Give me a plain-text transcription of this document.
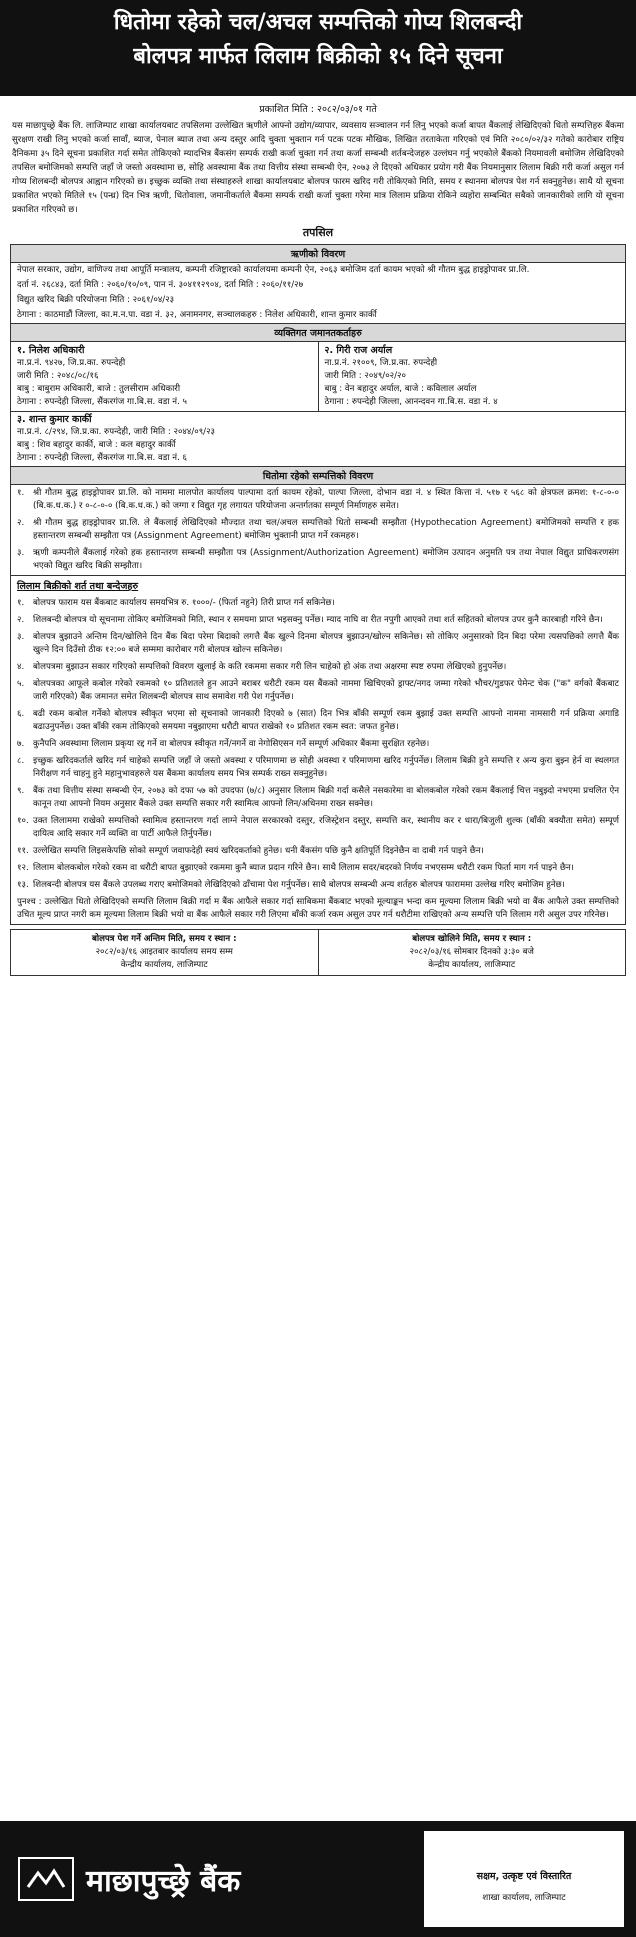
धितोमा रहेको चल/अचल सम्पत्तिको गोप्य शिलबन्दी
बोलपत्र मार्फत लिलाम बिक्रीको १५ दिने सूचना
प्रकाशित मिति : २०८२/०३/०१ गते

यस माछापुच्छ्रे बैंक लि. लाजिम्पाट शाखा कार्यालयबाट तपसिलमा उल्लेखित ऋणीले आफ्नो उद्योग/व्यापार, व्यवसाय सञ्चालन गर्न लिनु भएको कर्जा बापत बैंकलाई लेखिदिएको धितो सम्पत्तिहरु बैंकमा सुरक्षण राखी लिनु भएको कर्जा सावाँ, ब्याज, पेनाल ब्याज तथा अन्य दस्तुर आदि चुक्ता भुक्तान गर्न पटक पटक मौखिक, लिखित तरताकेता गरिएको एवं मिति २०८०/०२/३२ गतेको कारोबार राष्ट्रिय दैनिकमा ३५ दिने सूचना प्रकाशित गर्दा समेत तोकिएको म्यादभित्र बैंकसंग सम्पर्क राखी कर्जा चुक्ता गर्न तथा कर्जा सम्बन्धी शर्तबन्देजहरु उल्लंघन गर्नु भएकोले बैंकको नियमावली बमोजिम लेखिदिएको तपसिल बमोजिमको सम्पत्ति जहाँ जे जस्तो अवस्थामा छ, सोहि अवस्थामा बैंक तथा वित्तीय संस्था सम्बन्धी ऐन, २०७३ ले दिएको अधिकार प्रयोग गरी बैंक नियमानुसार लिलाम बिक्री गरी कर्जा असुल गर्न गोप्य शिलबन्दी बोलपत्र आह्वान गरिएको छ। इच्छुक व्यक्ति तथा संस्थाहरुले शाखा कार्यालयबाट बोलपत्र फारम खरिद गरी तोकिएको मिति, समय र स्थानमा बोलपत्र पेश गर्न सक्नुहुनेछ। साथै यो सूचना प्रकाशित भएको मितिले १५ (पन्ध्र) दिन भित्र ऋणी, धितोवाला, जमानीकर्ताले बैंकमा सम्पर्क राखी कर्जा चुक्ता गरेमा मात्र लिलाम प्रक्रिया रोकिने व्यहोरा सम्बन्धित सबैको जानकारीको लागि यो सूचना प्रकाशित गरिएको छ।

तपसिल
ऋणीको विवरण
नेपाल सरकार, उद्योग, वाणिज्य तथा आपूर्ति मन्त्रालय, कम्पनी रजिष्ट्रारको कार्यालयमा कम्पनी ऐन, २०६३ बमोजिम दर्ता कायम भएको श्री गौतम बुद्ध हाइड्रोपावर प्रा.लि.
दर्ता नं. २६८४३, दर्ता मिति : २०६०/१०/०९, पान नं. ३०४११२९०४, दर्ता मिति : २०६०/११/२७
विद्युत खरिद बिक्री परियोजना मिति : २०६१/०४/२३
ठेगाना : काठमाडौं जिल्ला, का.म.न.पा. वडा नं. ३२, अनामनगर, सञ्चालकहरु : निलेश अधिकारी, शान्त कुमार कार्की
व्यक्तिगत जमानतकर्ताहरु
१. निलेश अधिकारी
ना.प्र.नं. ९४२७, जि.प्र.का. रुपन्देही
जारी मिति : २०४८/०८/१६
बाबु : बाबुराम अधिकारी, बाजे : तुलसीराम अधिकारी
ठेगाना : रुपन्देही जिल्ला, सैंकरगंज गा.बि.स. वडा नं. ५
२. गिरी राज अर्याल
ना.प्र.नं. २१००९, जि.प्र.का. रुपन्देही
जारी मिति : २०४९/०२/२०
बाबु : वेन बहादुर अर्याल, बाजे : कविलाल अर्याल
ठेगाना : रुपन्देही जिल्ला, आनन्दवन गा.बि.स. वडा नं. ४
३. शान्त कुमार कार्की
ना.प्र.नं. ८/२९४, जि.प्र.का. रुपन्देही, जारी मिति : २०४४/०९/२३
बाबु : शिव बहादुर कार्की, बाजे : कल बहादुर कार्की
ठेगाना : रुपन्देही जिल्ला, सैंकरगंज गा.बि.स. वडा नं. ६
धितोमा रहेको सम्पत्तिको विवरण
१.	श्री गौतम बुद्ध हाइड्रोपावर प्रा.लि. को नाममा मालपोत कार्यालय पाल्पामा दर्ता कायम रहेको, पाल्पा जिल्ला, दोभान वडा नं. ४ स्थित कित्ता नं. ५१७ र ५६८ को क्षेत्रफल क्रमश: १-८-०-० (बि.क.ध.क.) र ०-८-०-० (बि.क.ध.क.) को जग्गा र विद्युत गृह लगायत परियोजना अन्तर्गतका सम्पूर्ण निर्माणहरु समेत।
२.	श्री गौतम बुद्ध हाइड्रोपावर प्रा.लि. ले बैंकलाई लेखिदिएको मौज्दात तथा चल/अचल सम्पत्तिको धितो सम्बन्धी सम्झौता (Hypothecation Agreement) बमोजिमको सम्पत्ति र हक हस्तान्तरण सम्बन्धी सम्झौता पत्र (Assignment Agreement) बमोजिम भुक्तानी प्राप्त गर्ने रकमहरु।
३.	ऋणी कम्पनीले बैंकलाई गरेको हक हस्तान्तरण सम्बन्धी सम्झौता पत्र (Assignment/Authorization Agreement) बमोजिम उत्पादन अनुमति पत्र तथा नेपाल विद्युत प्राधिकरणसंग भएको विद्युत खरिद बिक्री सम्झौता।
लिलाम बिक्रीको शर्त तथा बन्देजहरु
१.	बोलपत्र फाराम यस बैंकबाट कार्यालय समयभित्र रु. १०००/- (फिर्ता नहुने) तिरी प्राप्त गर्न सकिनेछ।
२.	शिलबन्दी बोलपत्र यो सूचनामा तोकिए बमोजिमको मिति, स्थान र समयमा प्राप्त भइसक्नु पर्नेछ। म्याद नाघि वा रीत नपुगी आएको तथा शर्त सहितको बोलपत्र उपर कुनै कारबाही गरिने छैन।
३.	बोलपत्र बुझाउने अन्तिम दिन/खोलिने दिन बैंक बिदा परेमा बिदाको लगत्तै बैंक खुल्ने दिनमा बोलपत्र बुझाउन/खोल्न सकिनेछ। सो तोकिए अनुसारको दिन बिदा परेमा त्यसपछिको लगत्तै बैंक खुल्ने दिन दिउँसो ठीक १२:०० बजे सम्ममा कारोबार गरी बोलपत्र खोल्न सकिनेछ।
४.	बोलपत्रमा बुझाउन सकार गरिएको सम्पत्तिको विवरण खुलाई के कति रकममा सकार गरी लिन चाहेको हो अंक तथा अक्षरमा स्पष्ट रुपमा लेखिएको हुनुपर्नेछ।
५.	बोलपत्रका आफूले कबोल गरेको रकमको १० प्रतिशतले हुन आउने बराबर धरौटी रकम यस बैंकको नाममा खिचिएको ड्राफ्ट/नगद जम्मा गरेको भौचर/गुडफर पेमेन्ट चेक ("क" वर्गको बैंकबाट जारी गरिएको) बैंक जमानत समेत शिलबन्दी बोलपत्र साथ समावेश गरी पेश गर्नुपर्नेछ।
६.	बढी रकम कबोल गर्नेको बोलपत्र स्वीकृत भएमा सो सूचनाको जानकारी दिएको ७ (सात) दिन भित्र बाँकी सम्पूर्ण रकम बुझाई उक्त सम्पत्ति आफ्नो नाममा नामसारी गर्न प्रक्रिया अगाडि बढाउनुपर्नेछ। उक्त बाँकी रकम तोकिएको समयमा नबुझाएमा धरौटी बापत राखेको १० प्रतिशत रकम स्वत: जफत हुनेछ।
७.	कुनैपनि अवस्थामा लिलाम प्रकृया रद्द गर्ने वा बोलपत्र स्वीकृत गर्ने/नगर्ने वा नेगोसिएसन गर्ने सम्पूर्ण अधिकार बैंकमा सुरक्षित रहनेछ।
८.	इच्छुक खरिदकर्ताले खरिद गर्न चाहेको सम्पत्ति जहाँ जे जस्तो अवस्था र परिमाणमा छ सोही अवस्था र परिमाणमा खरिद गर्नुपर्नेछ। लिलाम बिक्री हुने सम्पत्ति र अन्य कुरा बुझ्न हेर्न वा स्थलगत निरीक्षण गर्न चाहनु हुने महानुभावहरुले यस बैंकमा कार्यालय समय भित्र सम्पर्क राख्न सक्नुहुनेछ।
९.	बैंक तथा वित्तीय संस्था सम्बन्धी ऐन, २०७३ को दफा ५७ को उपदफा (७/८) अनुसार लिलाम बिक्री गर्दा कसैले नसकारेमा वा बोलकबोल गरेको रकम बैंकलाई चित्त नबुझ्दो नभएमा प्रचलित ऐन कानून तथा आफ्नो नियम अनुसार बैंकले उक्त सम्पत्ति सकार गरी स्वामित्व आफ्नो लिन/अधिनमा राख्न सक्नेछ।
१०. उक्त लिलाममा राखेको सम्पत्तिको स्वामित्व हस्तान्तरण गर्दा लाग्ने नेपाल सरकारको दस्तुर, रजिस्ट्रेशन दस्तुर, सम्पत्ति कर, स्थानीय कर र धारा/बिजुली शुल्क (बाँकी बक्यौता समेत) सम्पूर्ण दायित्व आदि सकार गर्ने व्यक्ति वा पार्टी आफैले तिर्नुपर्नेछ।
११. उल्लेखित सम्पत्ति लिइसकेपछि सोको सम्पूर्ण जवाफदेही स्वयं खरिदकर्ताको हुनेछ। धनी बैंकसंग पछि कुनै क्षतिपूर्ति दिइनेछैन वा दाबी गर्न पाइने छैन।
१२. लिलाम बोलकबोल गरेको रकम वा धरौटी बापत बुझाएको रकममा कुनै ब्याज प्रदान गरिने छैन। साथै लिलाम सदर/बदरको निर्णय नभएसम्म धरौटी रकम फिर्ता माग गर्न पाइने छैन।
१३. शिलबन्दी बोलपत्र यस बैंकले उपलब्ध गराए बमोजिमको लेखिदिएको ढाँचामा पेश गर्नुपर्नेछ। साथै बोलपत्र सम्बन्धी अन्य शर्तहरु बोलपत्र फाराममा उल्लेख गरिए बमोजिम हुनेछ।
पुनश्च : उल्लेखित धितो लेखिदिएको सम्पत्ति लिलाम बिक्री गर्दा म बैंक आफैले सकार गर्दा साबिकमा बैंकबाट भएको मूल्याङ्कन भन्दा कम मूल्यमा लिलाम बिक्री भयो वा बैंक आफैले उक्त सम्पत्तिको उचित मूल्य प्राप्त नगरी कम मूल्यमा लिलाम बिक्री भयो वा बैंक आफैले सकार गरी लिएमा बाँकी कर्जा रकम असुल उपर गर्न धरौटीमा राखिएको अन्य सम्पत्ति पनि लिलाम गरी असुल उपर गरिनेछ।
बोलपत्र पेश गर्ने अन्तिम मिति, समय र स्थान :
२०८२/०३/१६ आइतबार कार्यालय समय सम्म
केन्द्रीय कार्यालय, लाजिम्पाट
बोलपत्र खोलिने मिति, समय र स्थान :
२०८२/०३/१६ सोमबार दिनको ३:३० बजे
केन्द्रीय कार्यालय, लाजिम्पाट
माछापुच्छ्रे बैंक	सक्षम, उत्कृष्ट एवं विस्तारित
शाखा कार्यालय, लाजिम्पाट
